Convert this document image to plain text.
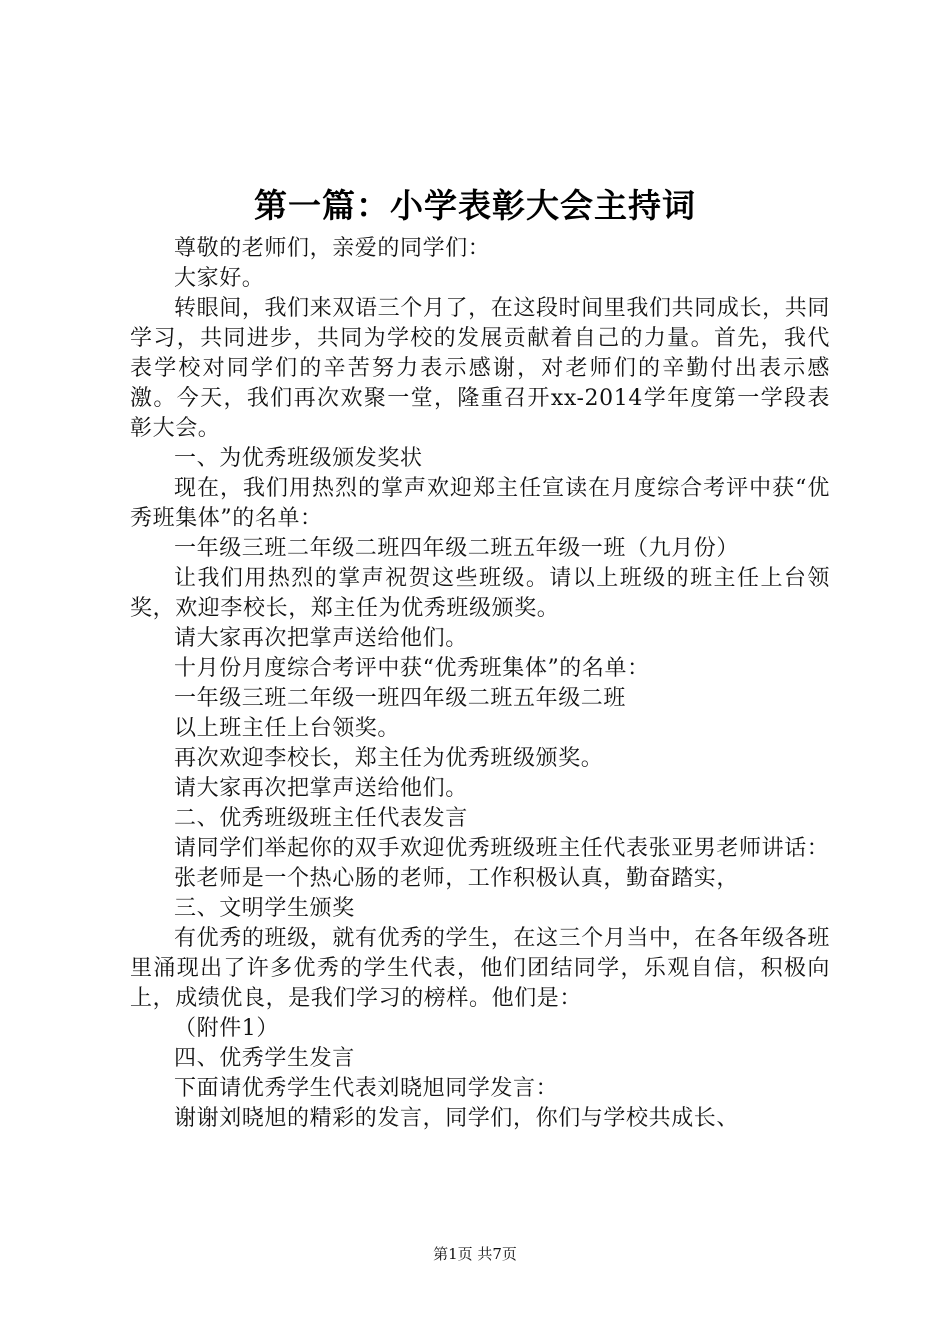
第一篇：小学表彰大会主持词

尊敬的老师们，亲爱的同学们：

大家好。

转眼间，我们来双语三个月了，在这段时间里我们共同成长，共同学习，共同进步，共同为学校的发展贡献着自己的力量。首先，我代表学校对同学们的辛苦努力表示感谢，对老师们的辛勤付出表示感激。今天，我们再次欢聚一堂，隆重召开xx-2014学年度第一学段表彰大会。

一、为优秀班级颁发奖状

现在，我们用热烈的掌声欢迎郑主任宣读在月度综合考评中获“优秀班集体”的名单：

一年级三班二年级二班四年级二班五年级一班（九月份）

让我们用热烈的掌声祝贺这些班级。请以上班级的班主任上台领奖，欢迎李校长，郑主任为优秀班级颁奖。

请大家再次把掌声送给他们。

十月份月度综合考评中获“优秀班集体”的名单：

一年级三班二年级一班四年级二班五年级二班

以上班主任上台领奖。

再次欢迎李校长，郑主任为优秀班级颁奖。

请大家再次把掌声送给他们。

二、优秀班级班主任代表发言

请同学们举起你的双手欢迎优秀班级班主任代表张亚男老师讲话：

张老师是一个热心肠的老师，工作积极认真，勤奋踏实，

三、文明学生颁奖

有优秀的班级，就有优秀的学生，在这三个月当中，在各年级各班里涌现出了许多优秀的学生代表，他们团结同学，乐观自信，积极向上，成绩优良，是我们学习的榜样。他们是：

（附件1）

四、优秀学生发言

下面请优秀学生代表刘晓旭同学发言：

谢谢刘晓旭的精彩的发言，同学们，你们与学校共成长、

第1页 共7页
